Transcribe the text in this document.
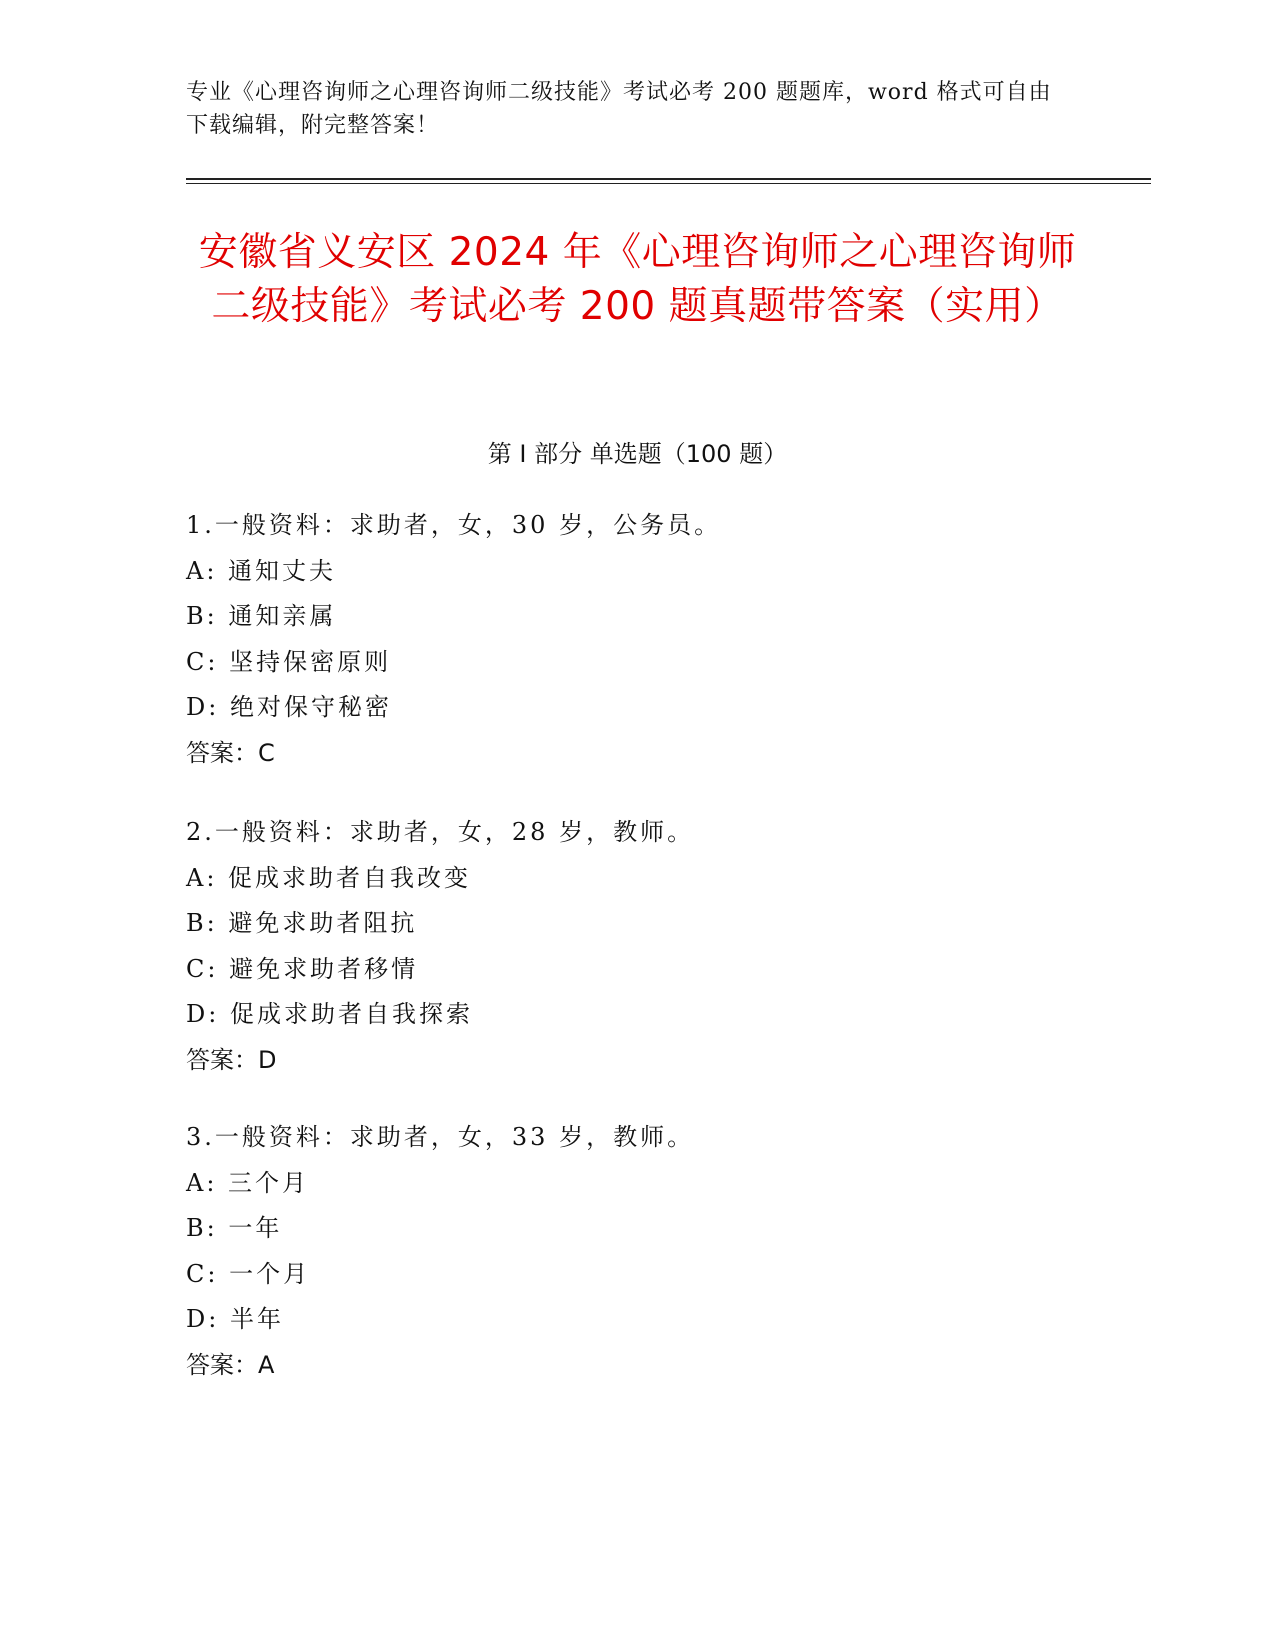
专业《心理咨询师之心理咨询师二级技能》考试必考 200 题题库，word 格式可自由下载编辑，附完整答案！
安徽省义安区 2024 年《心理咨询师之心理咨询师二级技能》考试必考 200 题真题带答案（实用）
第 I 部分 单选题（100 题）
1.一般资料：求助者，女，30 岁，公务员。
A: 通知丈夫
B: 通知亲属
C: 坚持保密原则
D: 绝对保守秘密
答案：C
2.一般资料：求助者，女，28 岁，教师。
A: 促成求助者自我改变
B: 避免求助者阻抗
C: 避免求助者移情
D: 促成求助者自我探索
答案：D
3.一般资料：求助者，女，33 岁，教师。
A: 三个月
B: 一年
C: 一个月
D: 半年
答案：A
